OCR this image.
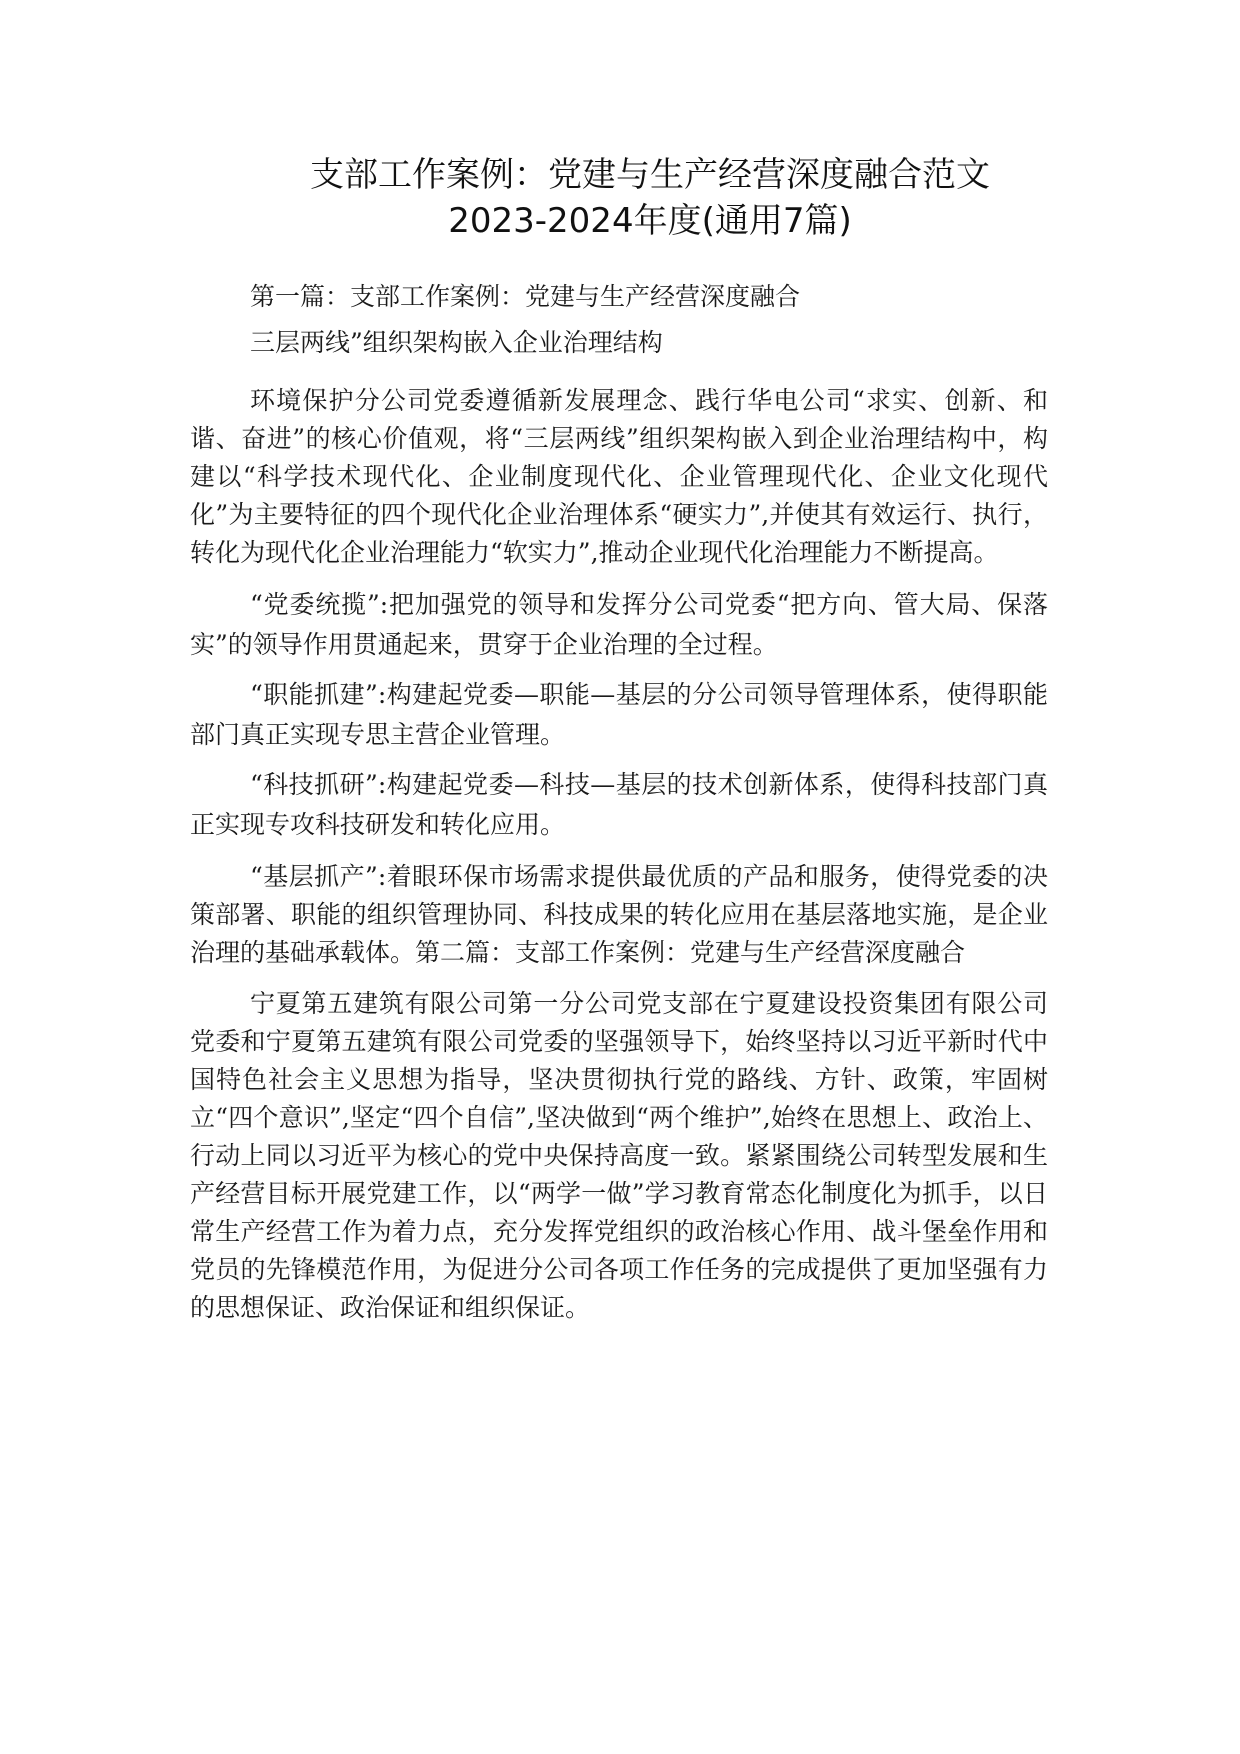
支部工作案例：党建与生产经营深度融合范文
2023-2024年度(通用7篇)

第一篇：支部工作案例：党建与生产经营深度融合

三层两线”组织架构嵌入企业治理结构

环境保护分公司党委遵循新发展理念、践行华电公司“求实、创新、和谐、奋进”的核心价值观，将“三层两线”组织架构嵌入到企业治理结构中，构建以“科学技术现代化、企业制度现代化、企业管理现代化、企业文化现代化”为主要特征的四个现代化企业治理体系“硬实力”,并使其有效运行、执行，转化为现代化企业治理能力“软实力”,推动企业现代化治理能力不断提高。

“党委统揽”:把加强党的领导和发挥分公司党委“把方向、管大局、保落实”的领导作用贯通起来，贯穿于企业治理的全过程。

“职能抓建”:构建起党委—职能—基层的分公司领导管理体系，使得职能部门真正实现专思主营企业管理。

“科技抓研”:构建起党委—科技—基层的技术创新体系，使得科技部门真正实现专攻科技研发和转化应用。

“基层抓产”:着眼环保市场需求提供最优质的产品和服务，使得党委的决策部署、职能的组织管理协同、科技成果的转化应用在基层落地实施，是企业治理的基础承载体。第二篇：支部工作案例：党建与生产经营深度融合

宁夏第五建筑有限公司第一分公司党支部在宁夏建设投资集团有限公司党委和宁夏第五建筑有限公司党委的坚强领导下，始终坚持以习近平新时代中国特色社会主义思想为指导，坚决贯彻执行党的路线、方针、政策，牢固树立“四个意识”,坚定“四个自信”,坚决做到“两个维护”,始终在思想上、政治上、行动上同以习近平为核心的党中央保持高度一致。紧紧围绕公司转型发展和生产经营目标开展党建工作，以“两学一做”学习教育常态化制度化为抓手，以日常生产经营工作为着力点，充分发挥党组织的政治核心作用、战斗堡垒作用和党员的先锋模范作用，为促进分公司各项工作任务的完成提供了更加坚强有力的思想保证、政治保证和组织保证。
